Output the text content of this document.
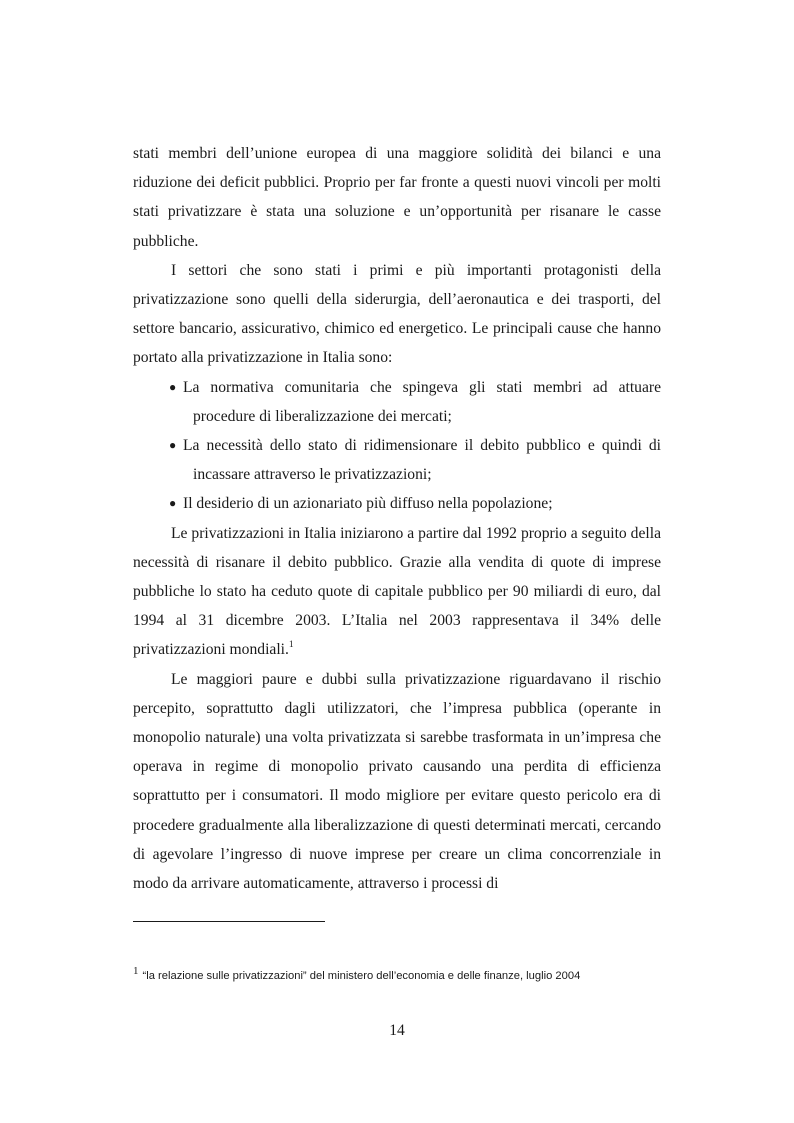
stati membri dell’unione europea di una maggiore solidità dei bilanci e una riduzione dei deficit pubblici. Proprio per far fronte a questi nuovi vincoli per molti stati privatizzare è stata una soluzione e un’opportunità per risanare le casse pubbliche.

I settori che sono stati i primi e più importanti protagonisti della privatizzazione sono quelli della siderurgia, dell’aeronautica e dei trasporti, del settore bancario, assicurativo, chimico ed energetico. Le principali cause che hanno portato alla privatizzazione in Italia sono:

● La normativa comunitaria che spingeva gli stati membri ad attuare procedure di liberalizzazione dei mercati;
● La necessità dello stato di ridimensionare il debito pubblico e quindi di incassare attraverso le privatizzazioni;
● Il desiderio di un azionariato più diffuso nella popolazione;

Le privatizzazioni in Italia iniziarono a partire dal 1992 proprio a seguito della necessità di risanare il debito pubblico. Grazie alla vendita di quote di imprese pubbliche lo stato ha ceduto quote di capitale pubblico per 90 miliardi di euro, dal 1994 al 31 dicembre 2003. L’Italia nel 2003 rappresentava il 34% delle privatizzazioni mondiali.$^1$

Le maggiori paure e dubbi sulla privatizzazione riguardavano il rischio percepito, soprattutto dagli utilizzatori, che l’impresa pubblica (operante in monopolio naturale) una volta privatizzata si sarebbe trasformata in un’impresa che operava in regime di monopolio privato causando una perdita di efficienza soprattutto per i consumatori. Il modo migliore per evitare questo pericolo era di procedere gradualmente alla liberalizzazione di questi determinati mercati, cercando di agevolare l’ingresso di nuove imprese per creare un clima concorrenziale in modo da arrivare automaticamente, attraverso i processi di

1 “la relazione sulle privatizzazioni” del ministero dell’economia e delle finanze, luglio 2004
14
